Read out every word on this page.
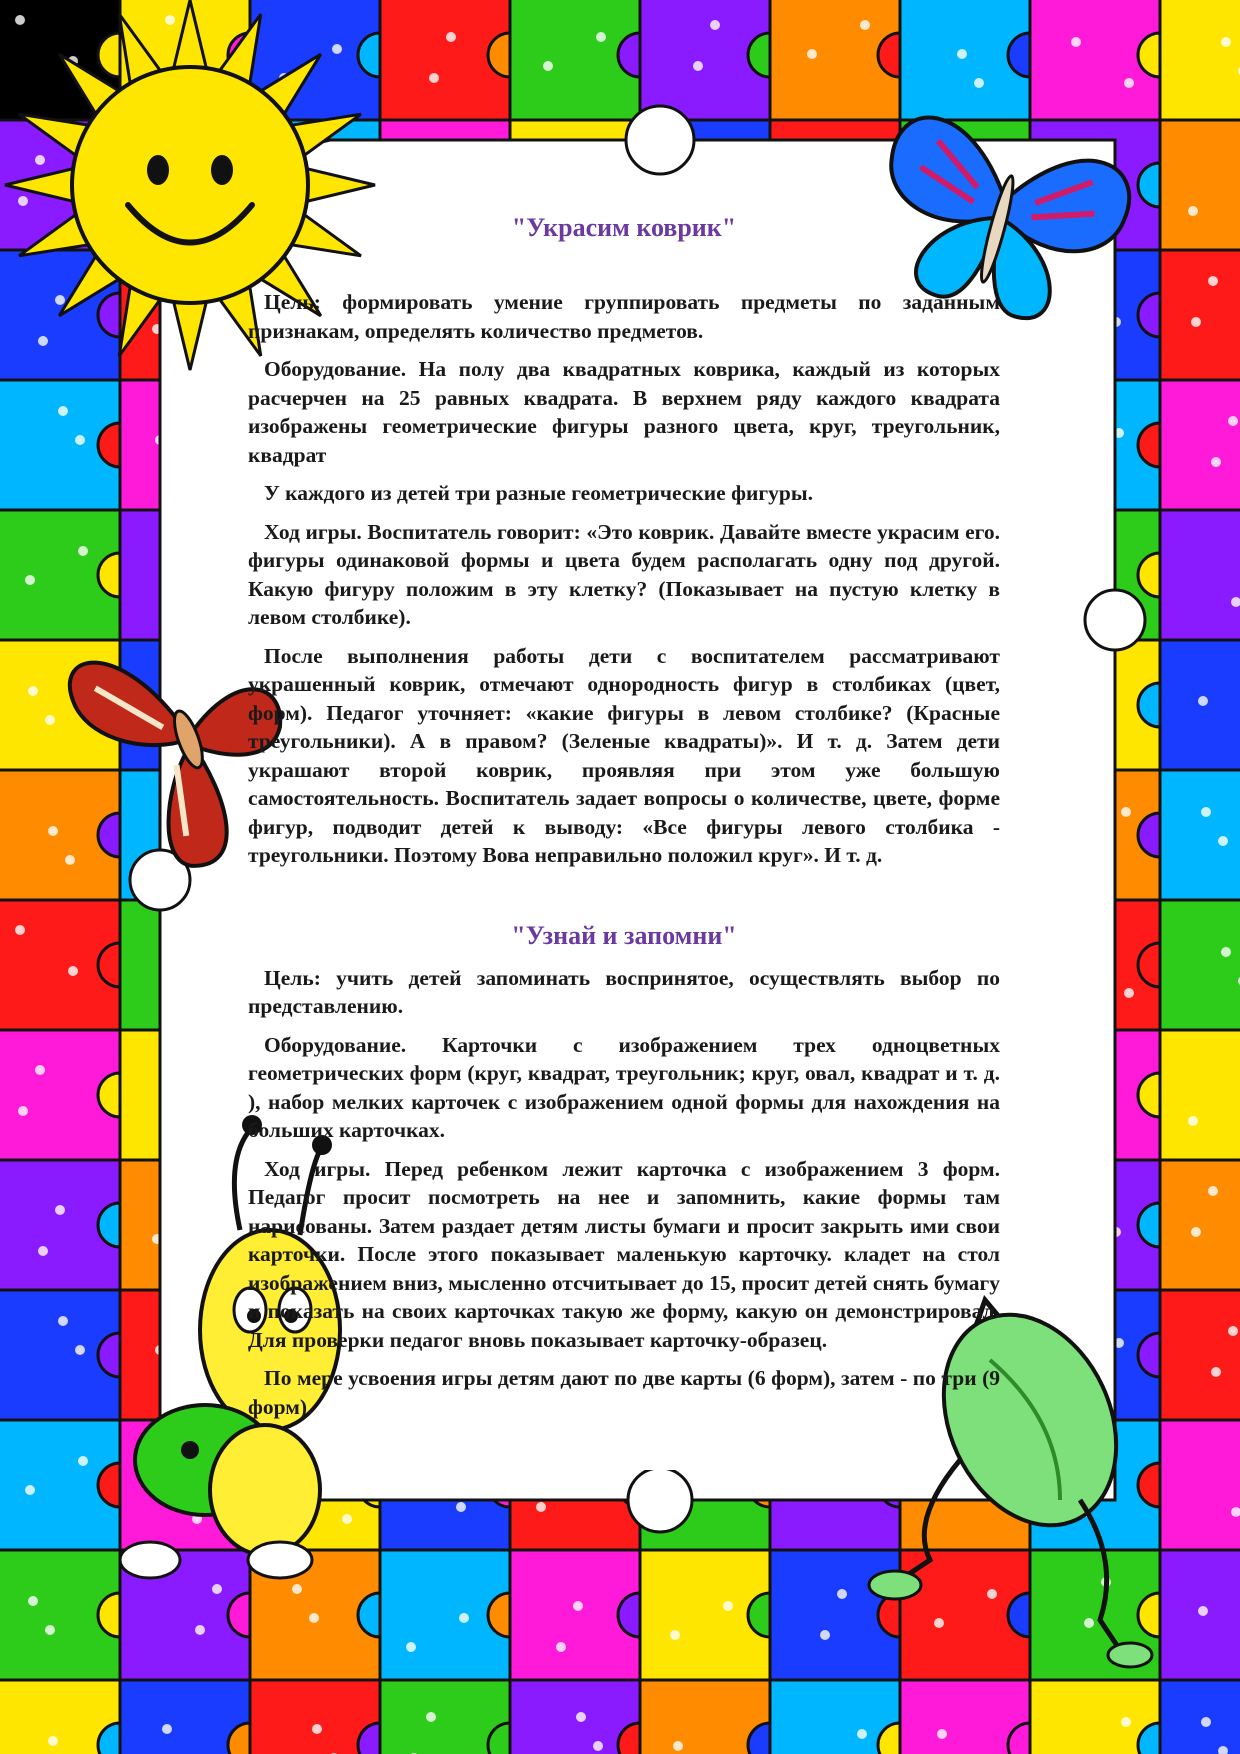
"Украсим коврик"

Цель: формировать умение группировать предметы по заданным признакам, определять количество предметов.

Оборудование. На полу два квадратных коврика, каждый из которых расчерчен на 25 равных квадрата. В верхнем ряду каждого квадрата изображены геометрические фигуры разного цвета, круг, треугольник, квадрат

У каждого из детей три разные геометрические фигуры.

Ход игры. Воспитатель говорит: «Это коврик. Давайте вместе украсим его. фигуры одинаковой формы и цвета будем располагать одну под другой. Какую фигуру положим в эту клетку? (Показывает на пустую клетку в левом столбике).

После выполнения работы дети с воспитателем рассматривают украшенный коврик, отмечают однородность фигур в столбиках (цвет, форм). Педагог уточняет: «какие фигуры в левом столбике? (Красные треугольники). А в правом? (Зеленые квадраты)». И т. д. Затем дети украшают второй коврик, проявляя при этом уже большую самостоятельность. Воспитатель задает вопросы о количестве, цвете, форме фигур, подводит детей к выводу: «Все фигуры левого столбика - треугольники. Поэтому Вова неправильно положил круг». И т. д.

"Узнай и запомни"

Цель: учить детей запоминать воспринятое, осуществлять выбор по представлению.

Оборудование. Карточки с изображением трех одноцветных геометрических форм (круг, квадрат, треугольник; круг, овал, квадрат и т. д. ), набор мелких карточек с изображением одной формы для нахождения на больших карточках.

Ход игры. Перед ребенком лежит карточка с изображением 3 форм. Педагог просит посмотреть на нее и запомнить, какие формы там нарисованы. Затем раздает детям листы бумаги и просит закрыть ими свои карточки. После этого показывает маленькую карточку. кладет на стол изображением вниз, мысленно отсчитывает до 15, просит детей снять бумагу и показать на своих карточках такую же форму, какую он демонстрировал. Для проверки педагог вновь показывает карточку-образец.

По мере усвоения игры детям дают по две карты (6 форм), затем - по три (9 форм).
